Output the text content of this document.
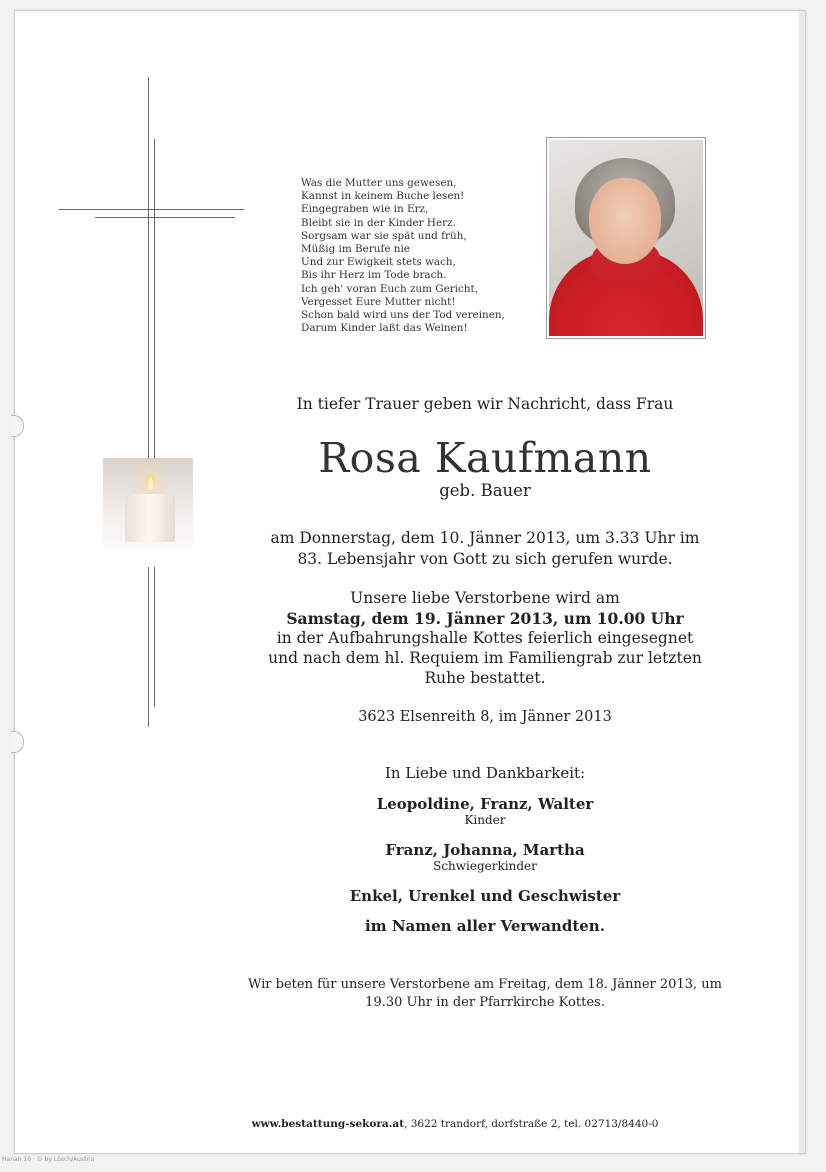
Was die Mutter uns gewesen,
Kannst in keinem Buche lesen!
Eingegraben wie in Erz,
Bleibt sie in der Kinder Herz.
Sorgsam war sie spät und früh,
Müßig im Berufe nie
Und zur Ewigkeit stets wach,
Bis ihr Herz im Tode brach.
Ich geh' voran Euch zum Gericht,
Vergesset Eure Mutter nicht!
Schon bald wird uns der Tod vereinen,
Darum Kinder laßt das Weinen!
In tiefer Trauer geben wir Nachricht, dass Frau
Rosa Kaufmann
geb. Bauer
am Donnerstag, dem 10. Jänner 2013, um 3.33 Uhr im
83. Lebensjahr von Gott zu sich gerufen wurde.
Unsere liebe Verstorbene wird am
Samstag, dem 19. Jänner 2013, um 10.00 Uhr
in der Aufbahrungshalle Kottes feierlich eingesegnet
und nach dem hl. Requiem im Familiengrab zur letzten
Ruhe bestattet.
3623 Elsenreith 8, im Jänner 2013
In Liebe und Dankbarkeit:
Leopoldine, Franz, Walter
Kinder
Franz, Johanna, Martha
Schwiegerkinder
Enkel, Urenkel und Geschwister
im Namen aller Verwandten.
Wir beten für unsere Verstorbene am Freitag, dem 18. Jänner 2013, um
19.30 Uhr in der Pfarrkirche Kottes.
www.bestattung-sekora.at, 3622 trandorf, dorfstraße 2, tel. 02713/8440-0
Hanan 10 · © by Lösch/Austria
